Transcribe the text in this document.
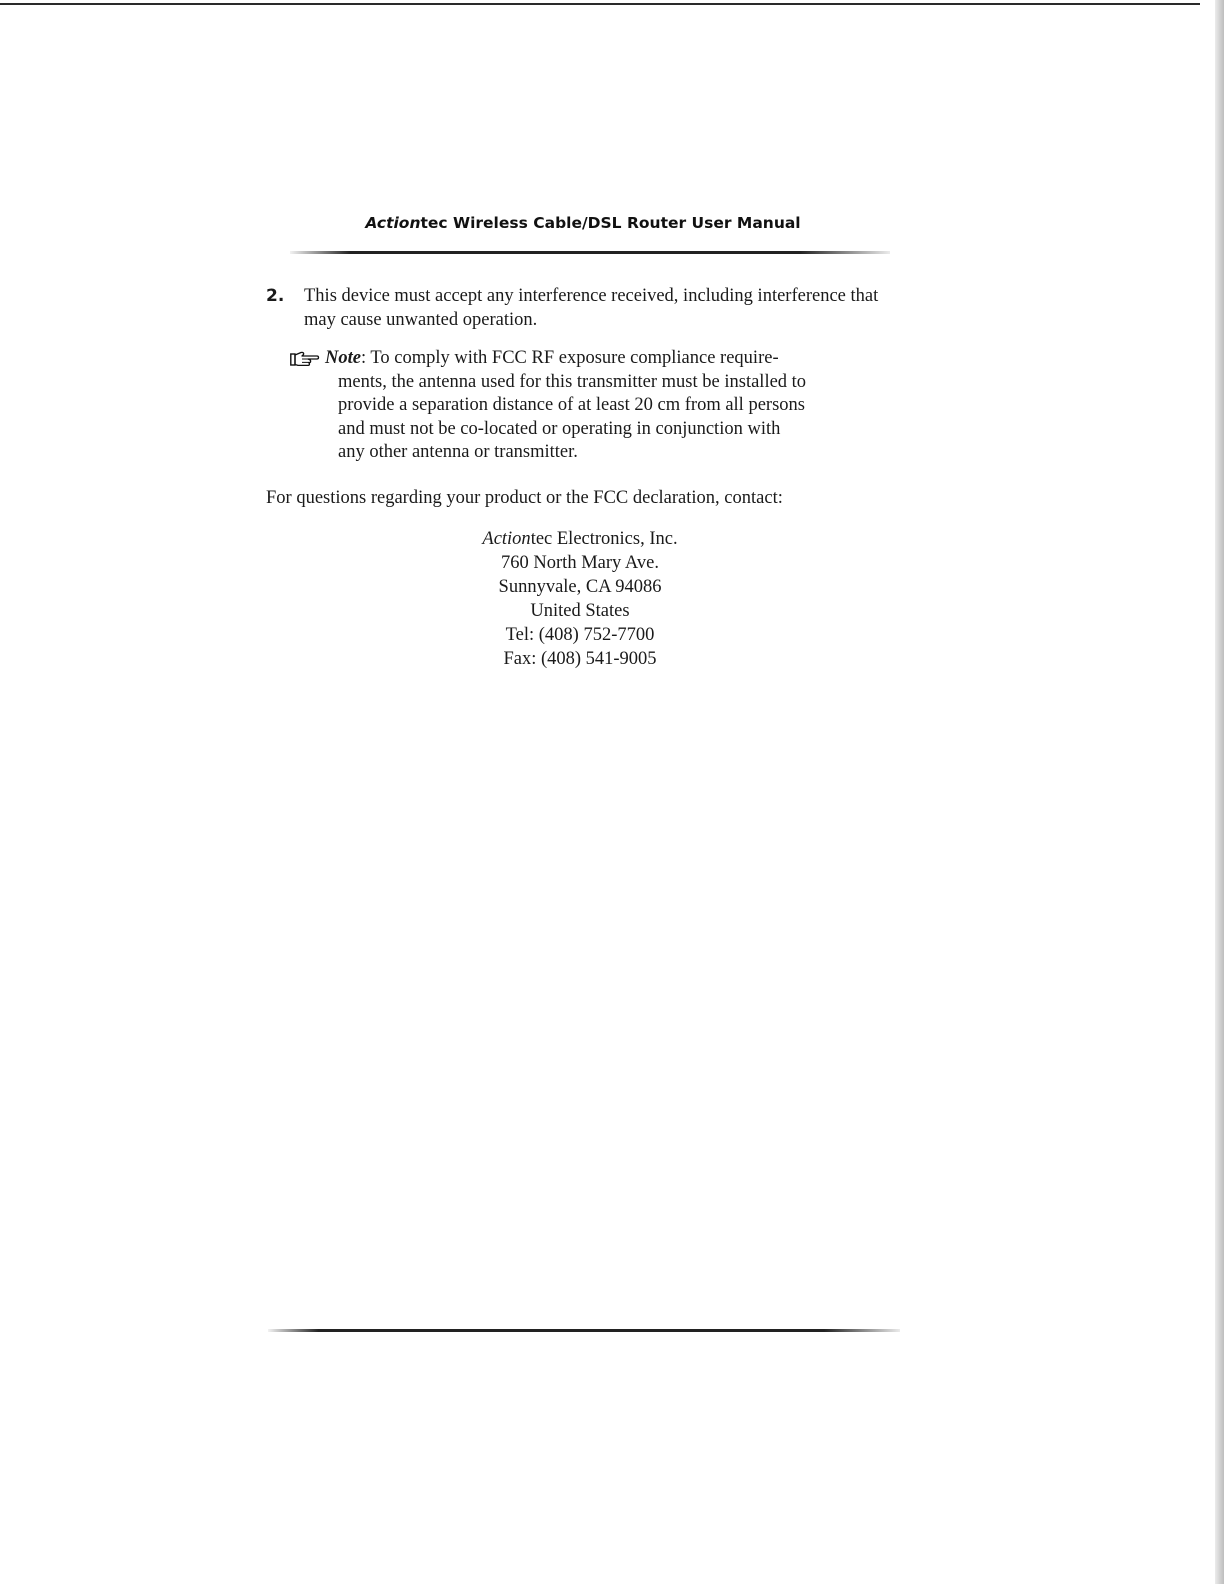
Actiontec Wireless Cable/DSL Router User Manual
2. This device must accept any interference received, including interference that
may cause unwanted operation.
Note: To comply with FCC RF exposure compliance require-
ments, the antenna used for this transmitter must be installed to
provide a separation distance of at least 20 cm from all persons
and must not be co-located or operating in conjunction with
any other antenna or transmitter.
For questions regarding your product or the FCC declaration, contact:
Actiontec Electronics, Inc.
760 North Mary Ave.
Sunnyvale, CA 94086
United States
Tel: (408) 752-7700
Fax: (408) 541-9005
